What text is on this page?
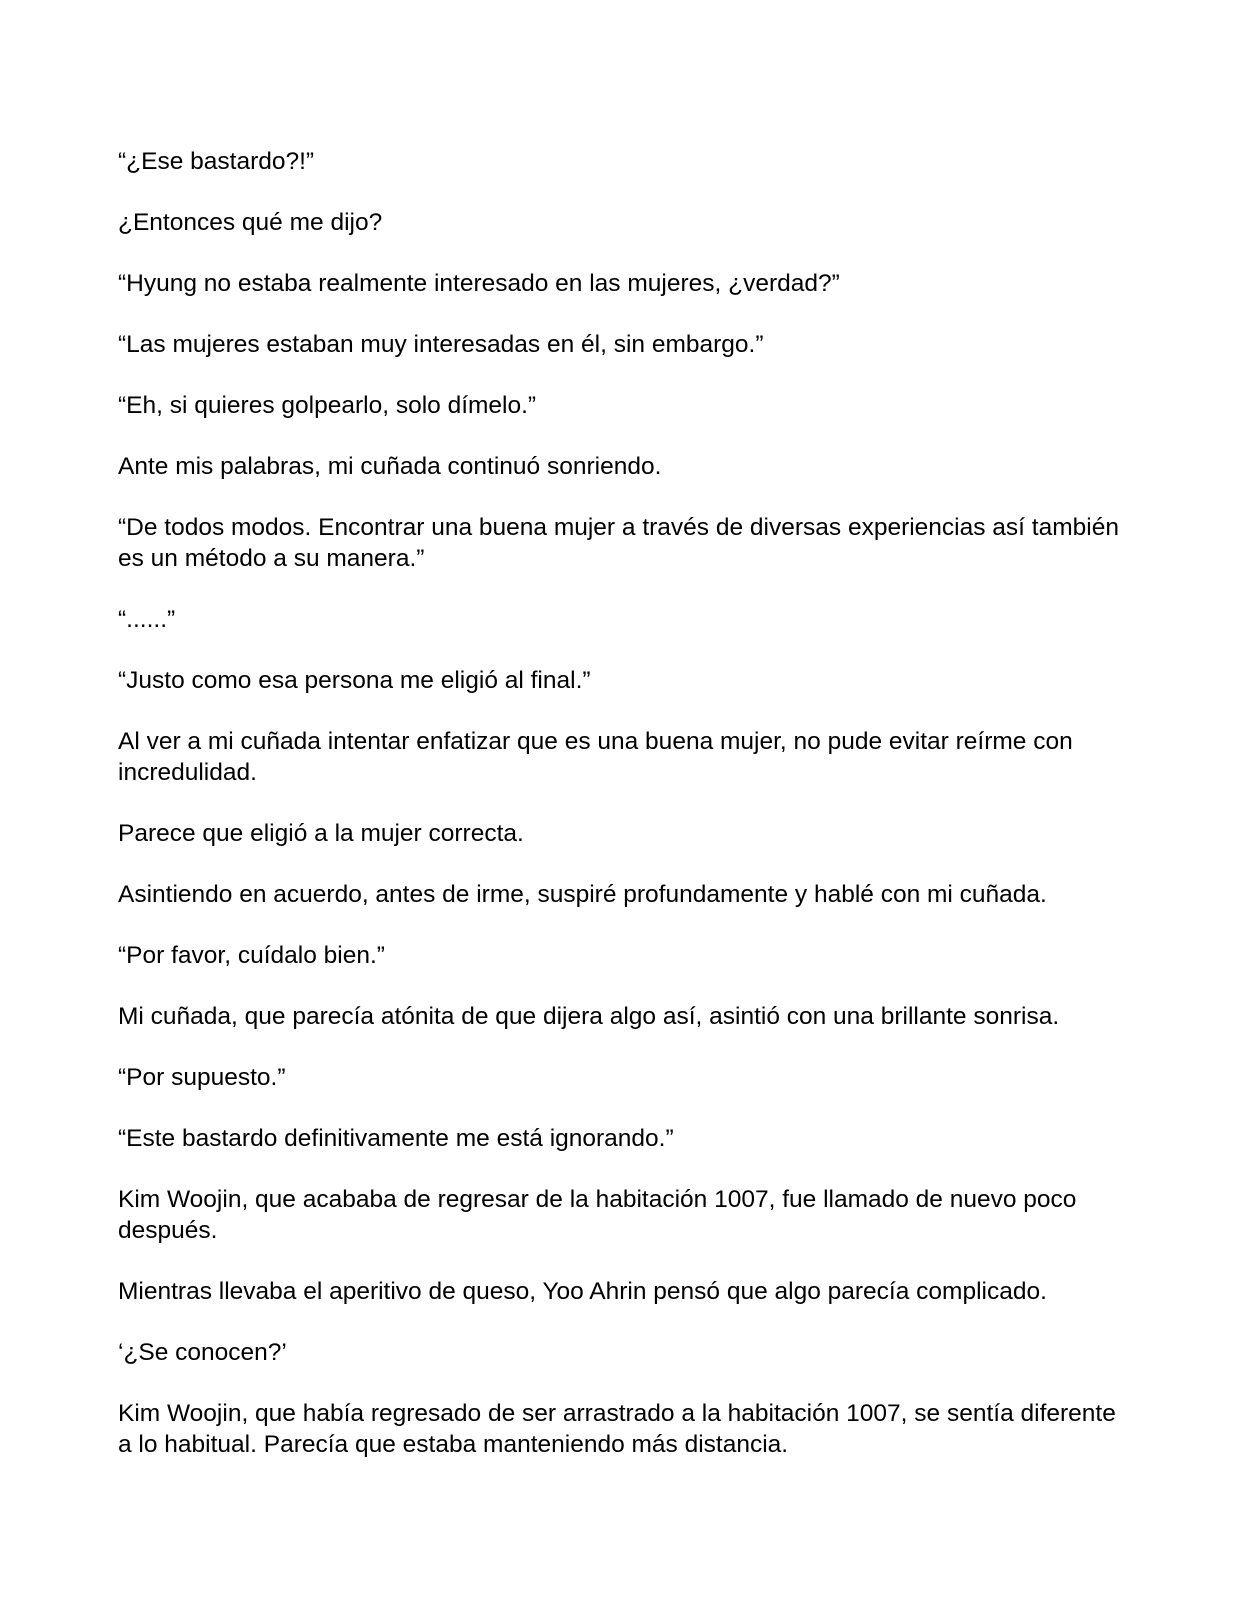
“¿Ese bastardo?!”

¿Entonces qué me dijo?

“Hyung no estaba realmente interesado en las mujeres, ¿verdad?”

“Las mujeres estaban muy interesadas en él, sin embargo.”

“Eh, si quieres golpearlo, solo dímelo.”

Ante mis palabras, mi cuñada continuó sonriendo.

“De todos modos. Encontrar una buena mujer a través de diversas experiencias así también es un método a su manera.”

“......”

“Justo como esa persona me eligió al final.”

Al ver a mi cuñada intentar enfatizar que es una buena mujer, no pude evitar reírme con incredulidad.

Parece que eligió a la mujer correcta.

Asintiendo en acuerdo, antes de irme, suspiré profundamente y hablé con mi cuñada.

“Por favor, cuídalo bien.”

Mi cuñada, que parecía atónita de que dijera algo así, asintió con una brillante sonrisa.

“Por supuesto.”

“Este bastardo definitivamente me está ignorando.”

Kim Woojin, que acababa de regresar de la habitación 1007, fue llamado de nuevo poco después.

Mientras llevaba el aperitivo de queso, Yoo Ahrin pensó que algo parecía complicado.

‘¿Se conocen?’

Kim Woojin, que había regresado de ser arrastrado a la habitación 1007, se sentía diferente a lo habitual. Parecía que estaba manteniendo más distancia.
